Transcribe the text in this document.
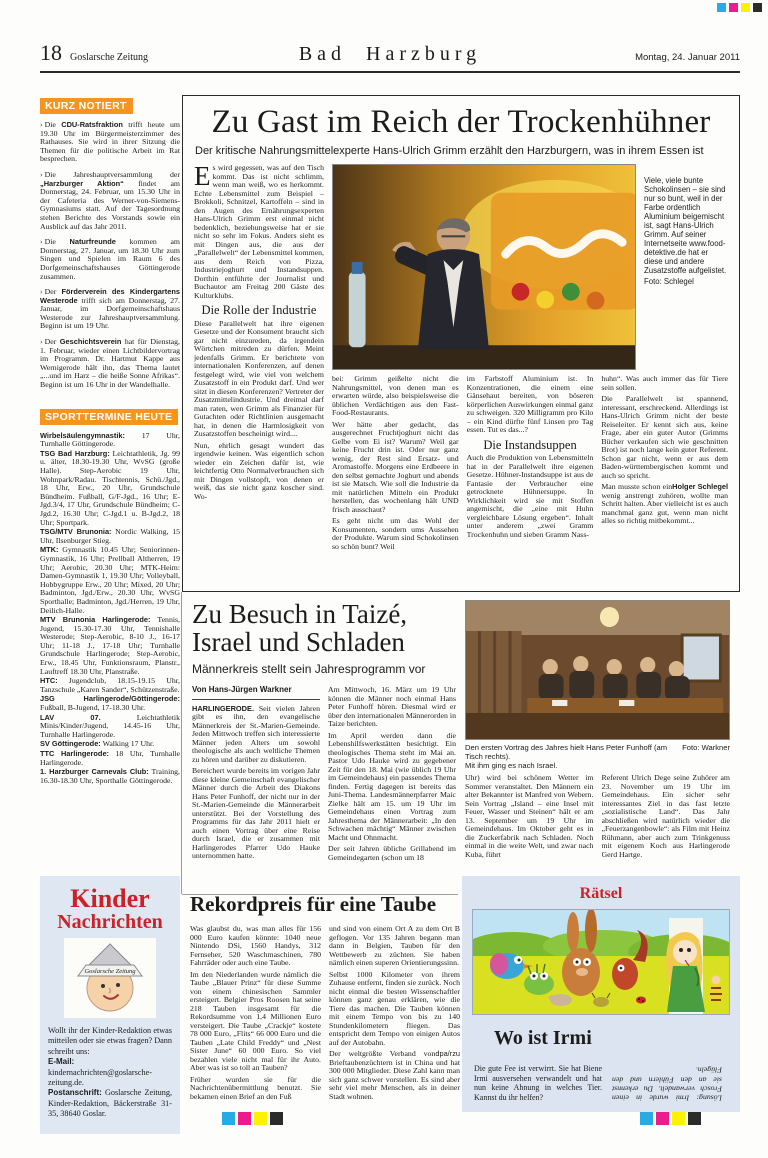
18 Goslarsche Zeitung	Bad Harzburg	Montag, 24. Januar 2011
KURZ NOTIERT

› Die CDU-Ratsfraktion trifft heute um 19.30 Uhr im Bürgermeisterzimmer des Rathauses. Sie wird in ihrer Sitzung die Themen für die politische Arbeit im Rat besprechen.

› Die Jahreshauptversammlung der „Harzburger Aktion“ findet am Donnerstag, 24. Februar, um 15.30 Uhr in der Cafeteria des Werner-von-Siemens-Gymnasiums statt. Auf der Tagesordnung stehen Berichte des Vorstands sowie ein Ausblick auf das Jahr 2011.

› Die Naturfreunde kommen am Donnerstag, 27. Januar, um 18.30 Uhr zum Singen und Spielen im Raum 6 des Dorfgemeinschaftshauses Göttingerode zusammen.

› Der Förderverein des Kindergartens Westerode trifft sich am Donnerstag, 27. Januar, im Dorfgemeinschaftshaus Westerode zur Jahreshauptversammlung. Beginn ist um 19 Uhr.

› Der Geschichtsverein hat für Dienstag, 1. Februar, wieder einen Lichtbildervortrag im Programm. Dr. Hartmut Kappe aus Wernigerode hält ihn, das Thema lautet „...und im Harz – die heiße Sonne Afrikas“. Beginn ist um 16 Uhr in der Wandelhalle.

SPORTTERMINE HEUTE

Wirbelsäulengymnastik: 17 Uhr, Turnhalle Göttingerode.

TSG Bad Harzburg: Leichtathletik, Jg. 99 u. älter, 18.30-19.30 Uhr, WvSG (große Halle). Step-Aerobic 19 Uhr, Wohnpark/Radau. Tischtennis, Schü./Jgd., 18 Uhr, Erw., 20 Uhr, Grundschule Bündheim. Fußball, G/F-Jgd., 16 Uhr; E-Jgd.3/4, 17 Uhr, Grundschule Bündheim; C-Jgd.2, 16.30 Uhr; C-Jgd.1 u. B-Jgd.2, 18 Uhr; Sportpark.

TSG/MTV Brunonia: Nordic Walking, 15 Uhr, Ilsenburger Stieg.

MTK: Gymnastik 10.45 Uhr; Seniorinnen-Gymnastik, 16 Uhr; Prellball Altherren, 19 Uhr; Aerobic, 20.30 Uhr; MTK-Heim: Damen-Gymnastik 1, 19.30 Uhr; Volleyball, Hobbygruppe Erw., 20 Uhr; Mixed, 20 Uhr; Badminton, Jgd./Erw., 20.30 Uhr, WvSG Sporthalle; Badminton, Jgd./Herren, 19 Uhr, Deilich-Halle.

MTV Brunonia Harlingerode: Tennis, Jugend, 15.30-17.30 Uhr, Tennishalle Westerode; Step-Aerobic, 8-10 J., 16-17 Uhr; 11-18 J., 17-18 Uhr; Turnhalle Grundschule Harlingerode; Step-Aerobic, Erw., 18.45 Uhr, Funktionsraum, Planstr., Lauftreff 18.30 Uhr, Planstraße.

HTC: Jugendclub, 18.15-19.15 Uhr, Tanzschule „Karen Sander“, Schützenstraße.

JSG Harlingerode/Göttingerode: Fußball, B-Jugend, 17-18.30 Uhr.

LAV 07. Leichtathletik Minis/Kinder/Jugend, 14.45-16 Uhr, Turnhalle Harlingerode.

SV Göttingerode: Walking 17 Uhr.

TTC Harlingerode: 18 Uhr, Turnhalle Harlingerode.

1. Harzburger Carnevals Club: Training, 16.30-18.30 Uhr, Sporthalle Göttingerode.

Zu Gast im Reich der Trockenhühner

Der kritische Nahrungsmittelexperte Hans-Ulrich Grimm erzählt den Harzburgern, was in ihrem Essen ist

Es wird gegessen, was auf den Tisch kommt. Das ist nicht schlimm, wenn man weiß, wo es herkommt. Echte Lebensmittel zum Beispiel – Brokkoli, Schnitzel, Kartoffeln – sind in den Augen des Ernährungsexperten Hans-Ulrich Grimm erst einmal nicht bedenklich, beziehungsweise hat er sie nicht so sehr im Fokus. Anders sieht es mit Dingen aus, die aus der „Parallelwelt“ der Lebensmittel kommen, aus dem Reich von Pizza, Industriejoghurt und Instandsuppen. Dorthin entführte der Journalist und Buchautor am Freitag 200 Gäste des Kulturklubs.

Die Rolle der Industrie

Diese Parallelwelt hat ihre eigenen Gesetze und der Konsument braucht sich gar nicht einzureden, da irgendein Wörtchen mitreden zu dürfen. Meint jedenfalls Grimm. Er berichtete von internationalen Konferenzen, auf denen festgelegt wird, wie viel von welchem Zusatzstoff in ein Produkt darf. Und wer sitzt in diesen Konferenzen? Vertreter der Zusatzmittelindustrie. Und dreimal darf man raten, wen Grimm als Finanzier für Gutachten oder Richtlinien ausgemacht hat, in denen die Harmlosigkeit von Zusatzstoffen bescheinigt wird....

Nun, ehrlich gesagt wundert das irgendwie keinen. Was eigentlich schon wieder ein Zeichen dafür ist, wie leichtfertig Otto Normalverbrauchen sich mit Dingen vollstopft, von denen er weiß, das sie nicht ganz koscher sind. Wo-

Viele, viele bunte Schokolinsen – sie sind nur so bunt, weil in der Farbe ordentlich Aluminium beigemischt ist, sagt Hans-Ulrich Grimm. Auf seiner Internetseite www.food-detektive.de hat er diese und andere Zusatzstoffe aufgelistet.

Foto: Schlegel

bei: Grimm geißelte nicht die Nahrungsmittel, von denen man es erwarten würde, also beispielsweise die üblichen Verdächtigen aus den Fast-Food-Restaurants.

Wer hätte aber gedacht, das ausgerechnet Fruchtjoghurt nicht das Gelbe vom Ei ist? Warum? Weil gar keine Frucht drin ist. Oder nur ganz wenig, der Rest sind Ersatz- und Aromastoffe. Morgens eine Erdbeere in den selbst gemachte Joghurt und abends ist sie Matsch. Wie soll die Industrie da mit natürlichen Mitteln ein Produkt herstellen, das wochenlang hält UND frisch ausschaut?

Es geht nicht um das Wohl der Konsumenten, sondern ums Aussehen der Produkte. Warum sind Schokolinsen so schön bunt? Weil

im Farbstoff Aluminium ist. In Konzentrationen, die einem eine Gänsehaut bereiten, von böseren körperlichen Auswirkungen einmal ganz zu schweigen. 320 Milligramm pro Kilo – ein Kind dürfte fünf Linsen pro Tag essen. Tut es das...?

Die Instandsuppen

Auch die Produktion von Lebensmitteln hat in der Parallelwelt ihre eigenen Gesetze. Hühner-Instandsuppe ist aus de Fantasie der Verbraucher eine getrocknete Hühnersuppe. In Wirklichkeit wird sie mit Stoffen angemischt, die „eine mit Huhn vergleichbare Lösung ergeben“. Inhalt unter anderem „zwei Gramm Trockenhuhn und sieben Gramm Nass-

huhn“. Was auch immer das für Tiere sein sollen.

Die Parallelwelt ist spannend, interessant, erschreckend. Allerdings ist Hans-Ulrich Grimm nicht der beste Reiseleiter. Er kennt sich aus, keine Frage, aber ein guter Autor (Grimms Bücher verkaufen sich wie geschnitten Brot) ist noch lange kein guter Referent. Schon gar nicht, wenn er aus dem Baden-württembergischen kommt und auch so spricht.

Holger Schlegel
Man musste schon ein wenig anstrengt zuhören, wollte man Schritt halten. Aber vielleicht ist es auch manchmal ganz gut, wenn man nicht alles so richtig mitbekommt...

Zu Besuch in Taizé,
Israel und Schladen

Männerkreis stellt sein Jahresprogramm vor

Von Hans-Jürgen Warkner

HARLINGERODE. Seit vielen Jahren gibt es ihn, den evangelische Männerkreis der St.-Marien-Gemeinde. Jeden Mittwoch treffen sich interessierte Männer jeden Alters um sowohl theologische als auch weltliche Themen zu hören und darüber zu diskutieren.

Bereichert wurde bereits im vorigen Jahr diese kleine Gemeinschaft evangelischer Männer durch die Arbeit des Diakons Hans Peter Funhoff, der nicht nur in der St.-Marien-Gemeinde die Männerarbeit unterstützt. Bei der Vorstellung des Programms für das Jahr 2011 hielt er auch einen Vortrag über eine Reise durch Israel, die er zusammen mit Harlingerodes Pfarrer Udo Hauke unternommen hatte.

Am Mittwoch, 16. März um 19 Uhr können die Männer noch einmal Hans Peter Funhoff hören. Diesmal wird er über den internationalen Männerorden in Taize berichten.

Im April werden dann die Lebenshilfswerkstätten besichtigt. Ein theologisches Thema steht im Mai an. Pastor Udo Hauke wird zu gegebener Zeit für den 18. Mai (wie üblich 19 Uhr im Gemeindehaus) ein passendes Thema finden. Fertig dagegen ist bereits das Juni-Thema. Landesmännerpfarrer Maic Zielke hält am 15. um 19 Uhr im Gemeindehaus einen Vortrag zum Jahresthema der Männerarbeit: „In den Schwachen mächtig“ Männer zwischen Macht und Ohnmacht.

Der seit Jahren übliche Grillabend im Gemeindegarten (schon um 18

Foto: Warkner
Den ersten Vortrag des Jahres hielt Hans Peter Funhoff (am Tisch rechts).
Mit ihm ging es nach Israel.

Uhr) wird bei schönem Wetter im Sommer veranstaltet. Den Männern ein alter Bekannter ist Manfred von Webern. Sein Vortrag „Island – eine Insel mit Feuer, Wasser und Steinen“ hält er am 13. September um 19 Uhr im Gemeindehaus. Im Oktober geht es in die Zuckerfabrik nach Schladen. Noch einmal in die weite Welt, und zwar nach Kuba, führt

Referent Ulrich Dege seine Zuhörer am 23. November um 19 Uhr im Gemeindehaus. Ein sicher sehr interessantes Ziel in das fast letzte „sozialistische Land“. Das Jahr abschließen wird natürlich wieder die „Feuerzangenbowle“: als Film mit Heinz Rühmann, aber auch zum Trinkgenuss mit eigenem Koch aus Harlingerode Gerd Hartge.

Kinder
Nachrichten
Goslarsche Zeitung

Wollt ihr der Kinder-Redaktion etwas mitteilen oder sie etwas fragen? Dann schreibt uns:

E-Mail: kindernachrichten@goslarsche-zeitung.de.

Postanschrift: Goslarsche Zeitung, Kinder-Redaktion, Bäckerstraße 31-35, 38640 Goslar.

Rekordpreis für eine Taube

Was glaubst du, was man alles für 156 000 Euro kaufen könnte: 1040 neue Nintendo DSi, 1560 Handys, 312 Fernseher, 520 Waschmaschinen, 780 Fahrräder oder auch eine Taube.

Im den Niederlanden wurde nämlich die Taube „Blauer Prinz“ für diese Summe von einem chinesischen Sammler ersteigert. Belgier Pros Roosen hat seine 218 Tauben insgesamt für die Rekordsumme von 1,4 Millionen Euro versteigert. Die Taube „Crackje“ kostete 78 000 Euro, „Flits“ 66 000 Euro und die Tauben „Late Child Freddy“ und „Nest Sister June“ 60 000 Euro. So viel bezahlen viele nicht mal für ihr Auto. Aber was ist so toll an Tauben?

Früher wurden sie für die Nachrichtenübermittlung benutzt. Sie bekamen einen Brief an den Fuß

und sind von einem Ort A zu dem Ort B geflogen. Vor 135 Jahren begann man dann in Belgien, Tauben für den Wettbewerb zu züchten. Sie haben nämlich einen superen Orientierungssinn.

Selbst 1000 Kilometer von ihrem Zuhause entfernt, finden sie zurück. Noch nicht einmal die besten Wissenschaftler können ganz genau erklären, wie die Tiere das machen. Die Tauben können mit einem Tempo von bis zu 140 Stundenkilometern fliegen. Das entspricht dem Tempo von einigen Autos auf der Autobahn.

dpa/rzu
Der weltgrößte Verband von Brieftaubenzüchtern ist in China und hat 300 000 Mitglieder. Diese Zahl kann man sich ganz schwer vorstellen. Es sind aber sehr viel mehr Menschen, als in deiner Stadt wohnen.

Rätsel
Wo ist Irmi

Die gute Fee ist verwirrt. Sie hat Biene Irmi ausversehen verwandelt und hat nun keine Ahnung in welches Tier. Kannst du ihr helfen?	Lösung: Irmi wurde in einen Frosch verwandelt. Du erkennst sie an den Fühlern und den Flügeln.
